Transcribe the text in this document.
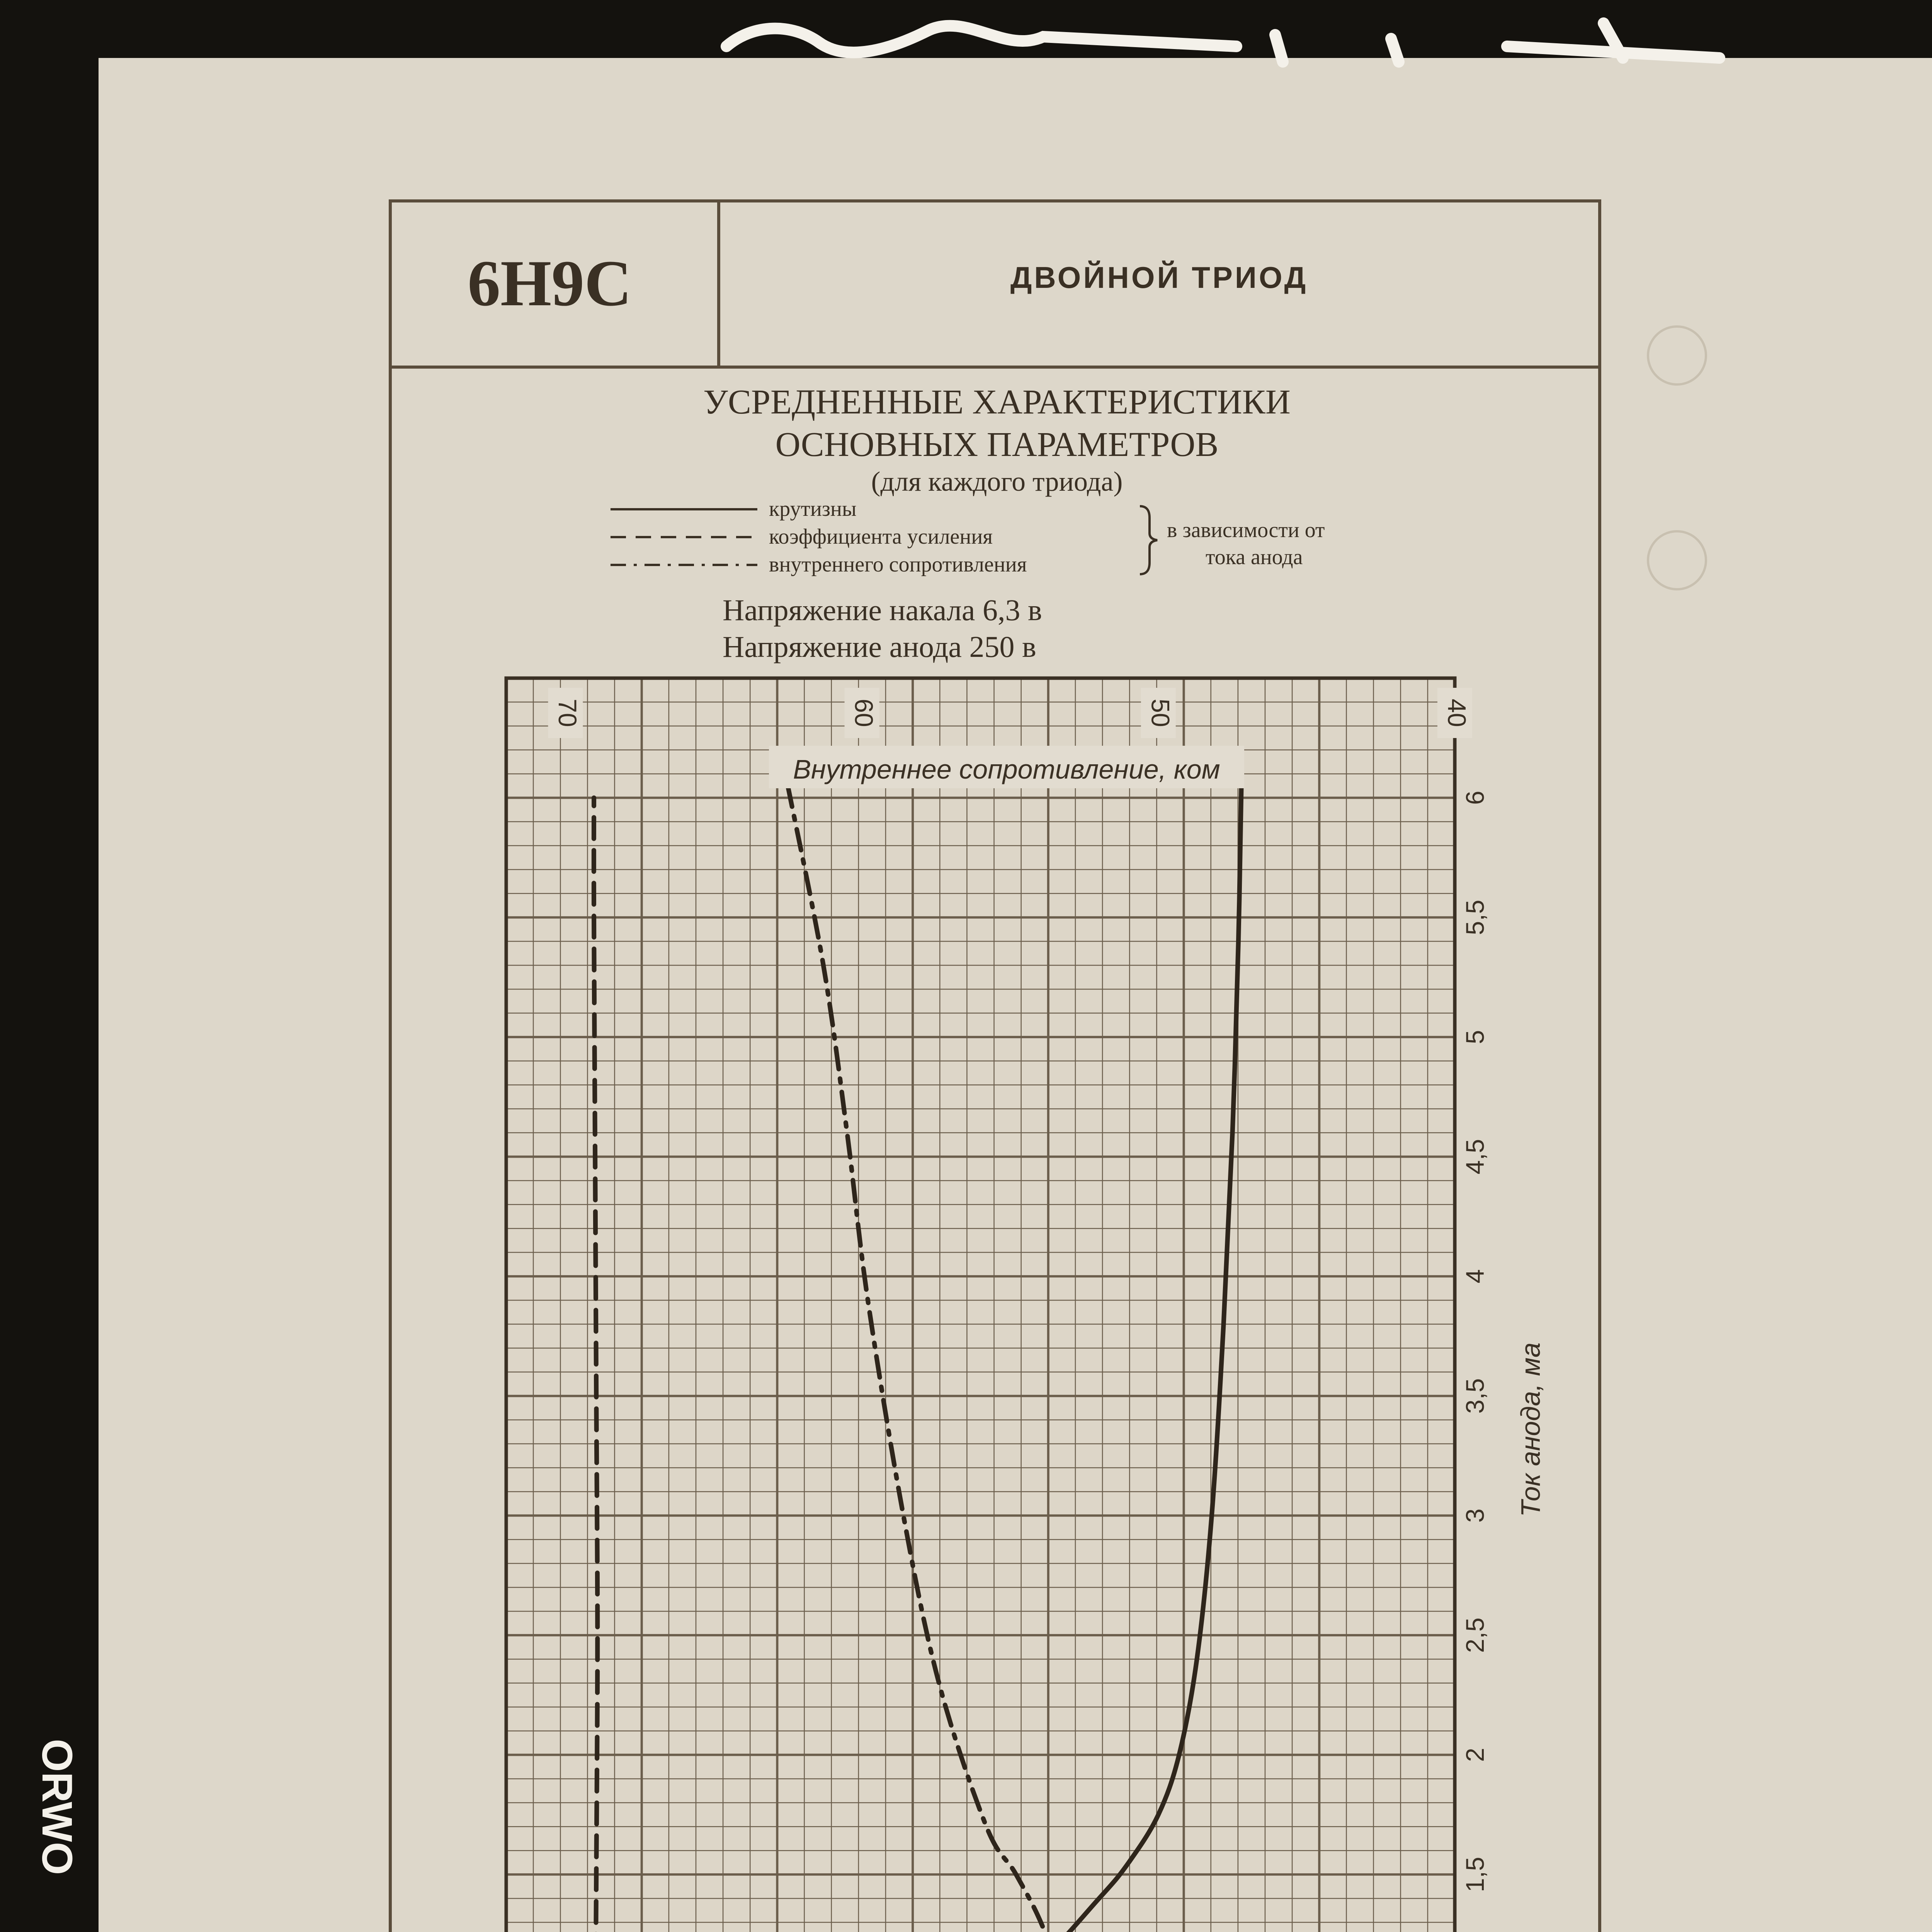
ORWO
6Н9С	ДВОЙНОЙ ТРИОД
УСРЕДНЕННЫЕ ХАРАКТЕРИСТИКИ
ОСНОВНЫХ ПАРАМЕТРОВ
(для каждого триода)
крутизны
коэффициента усиления
внутреннего сопротивления
в зависимости от
тока анода
Напряжение накала 6,3 в
Напряжение анода 250 в
1,5
2
2,5
3
3,5
4
4,5
5
5,5
6
70	60	50	40
Внутреннее сопротивление, ком
Ток анода, ма
